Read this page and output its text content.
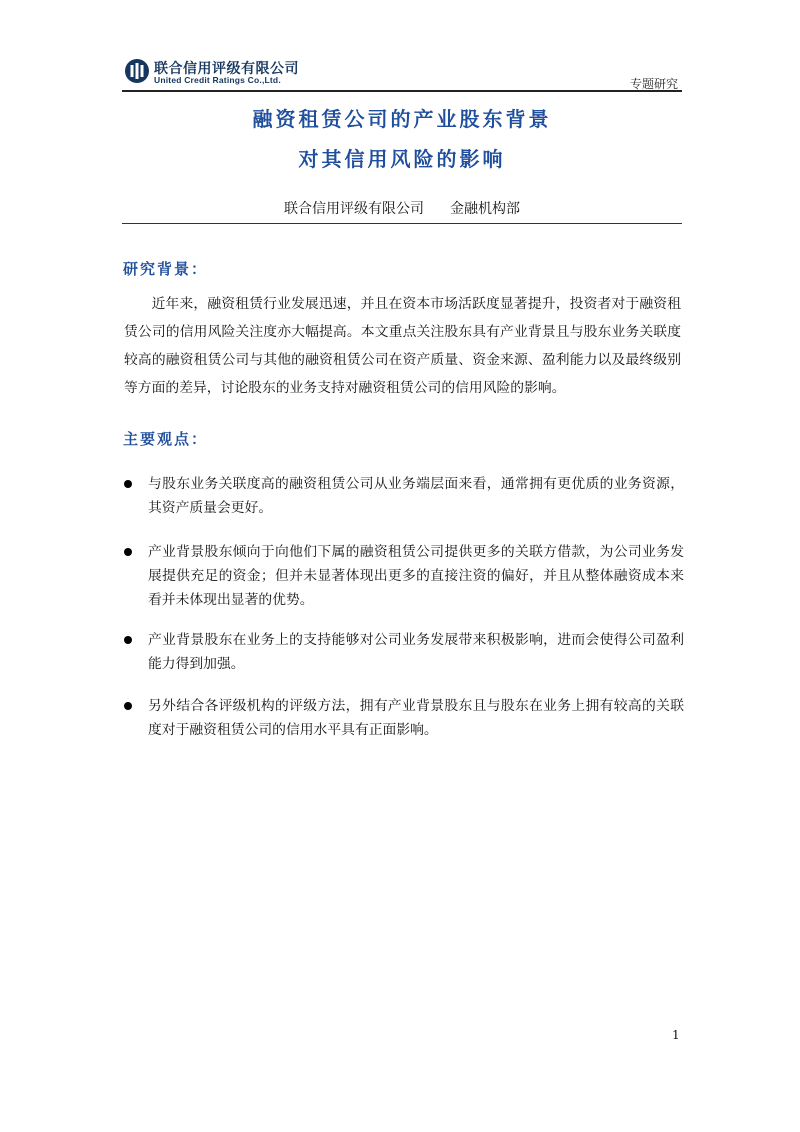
联合信用评级有限公司
United Credit Ratings Co.,Ltd.	专题研究
融资租赁公司的产业股东背景
对其信用风险的影响
联合信用评级有限公司 金融机构部
研究背景：
近年来，融资租赁行业发展迅速，并且在资本市场活跃度显著提升，投资者对于融资租赁公司的信用风险关注度亦大幅提高。本文重点关注股东具有产业背景且与股东业务关联度较高的融资租赁公司与其他的融资租赁公司在资产质量、资金来源、盈利能力以及最终级别等方面的差异，讨论股东的业务支持对融资租赁公司的信用风险的影响。
主要观点：
与股东业务关联度高的融资租赁公司从业务端层面来看，通常拥有更优质的业务资源，其资产质量会更好。
产业背景股东倾向于向他们下属的融资租赁公司提供更多的关联方借款，为公司业务发展提供充足的资金；但并未显著体现出更多的直接注资的偏好，并且从整体融资成本来看并未体现出显著的优势。
产业背景股东在业务上的支持能够对公司业务发展带来积极影响，进而会使得公司盈利能力得到加强。
另外结合各评级机构的评级方法，拥有产业背景股东且与股东在业务上拥有较高的关联度对于融资租赁公司的信用水平具有正面影响。
1
